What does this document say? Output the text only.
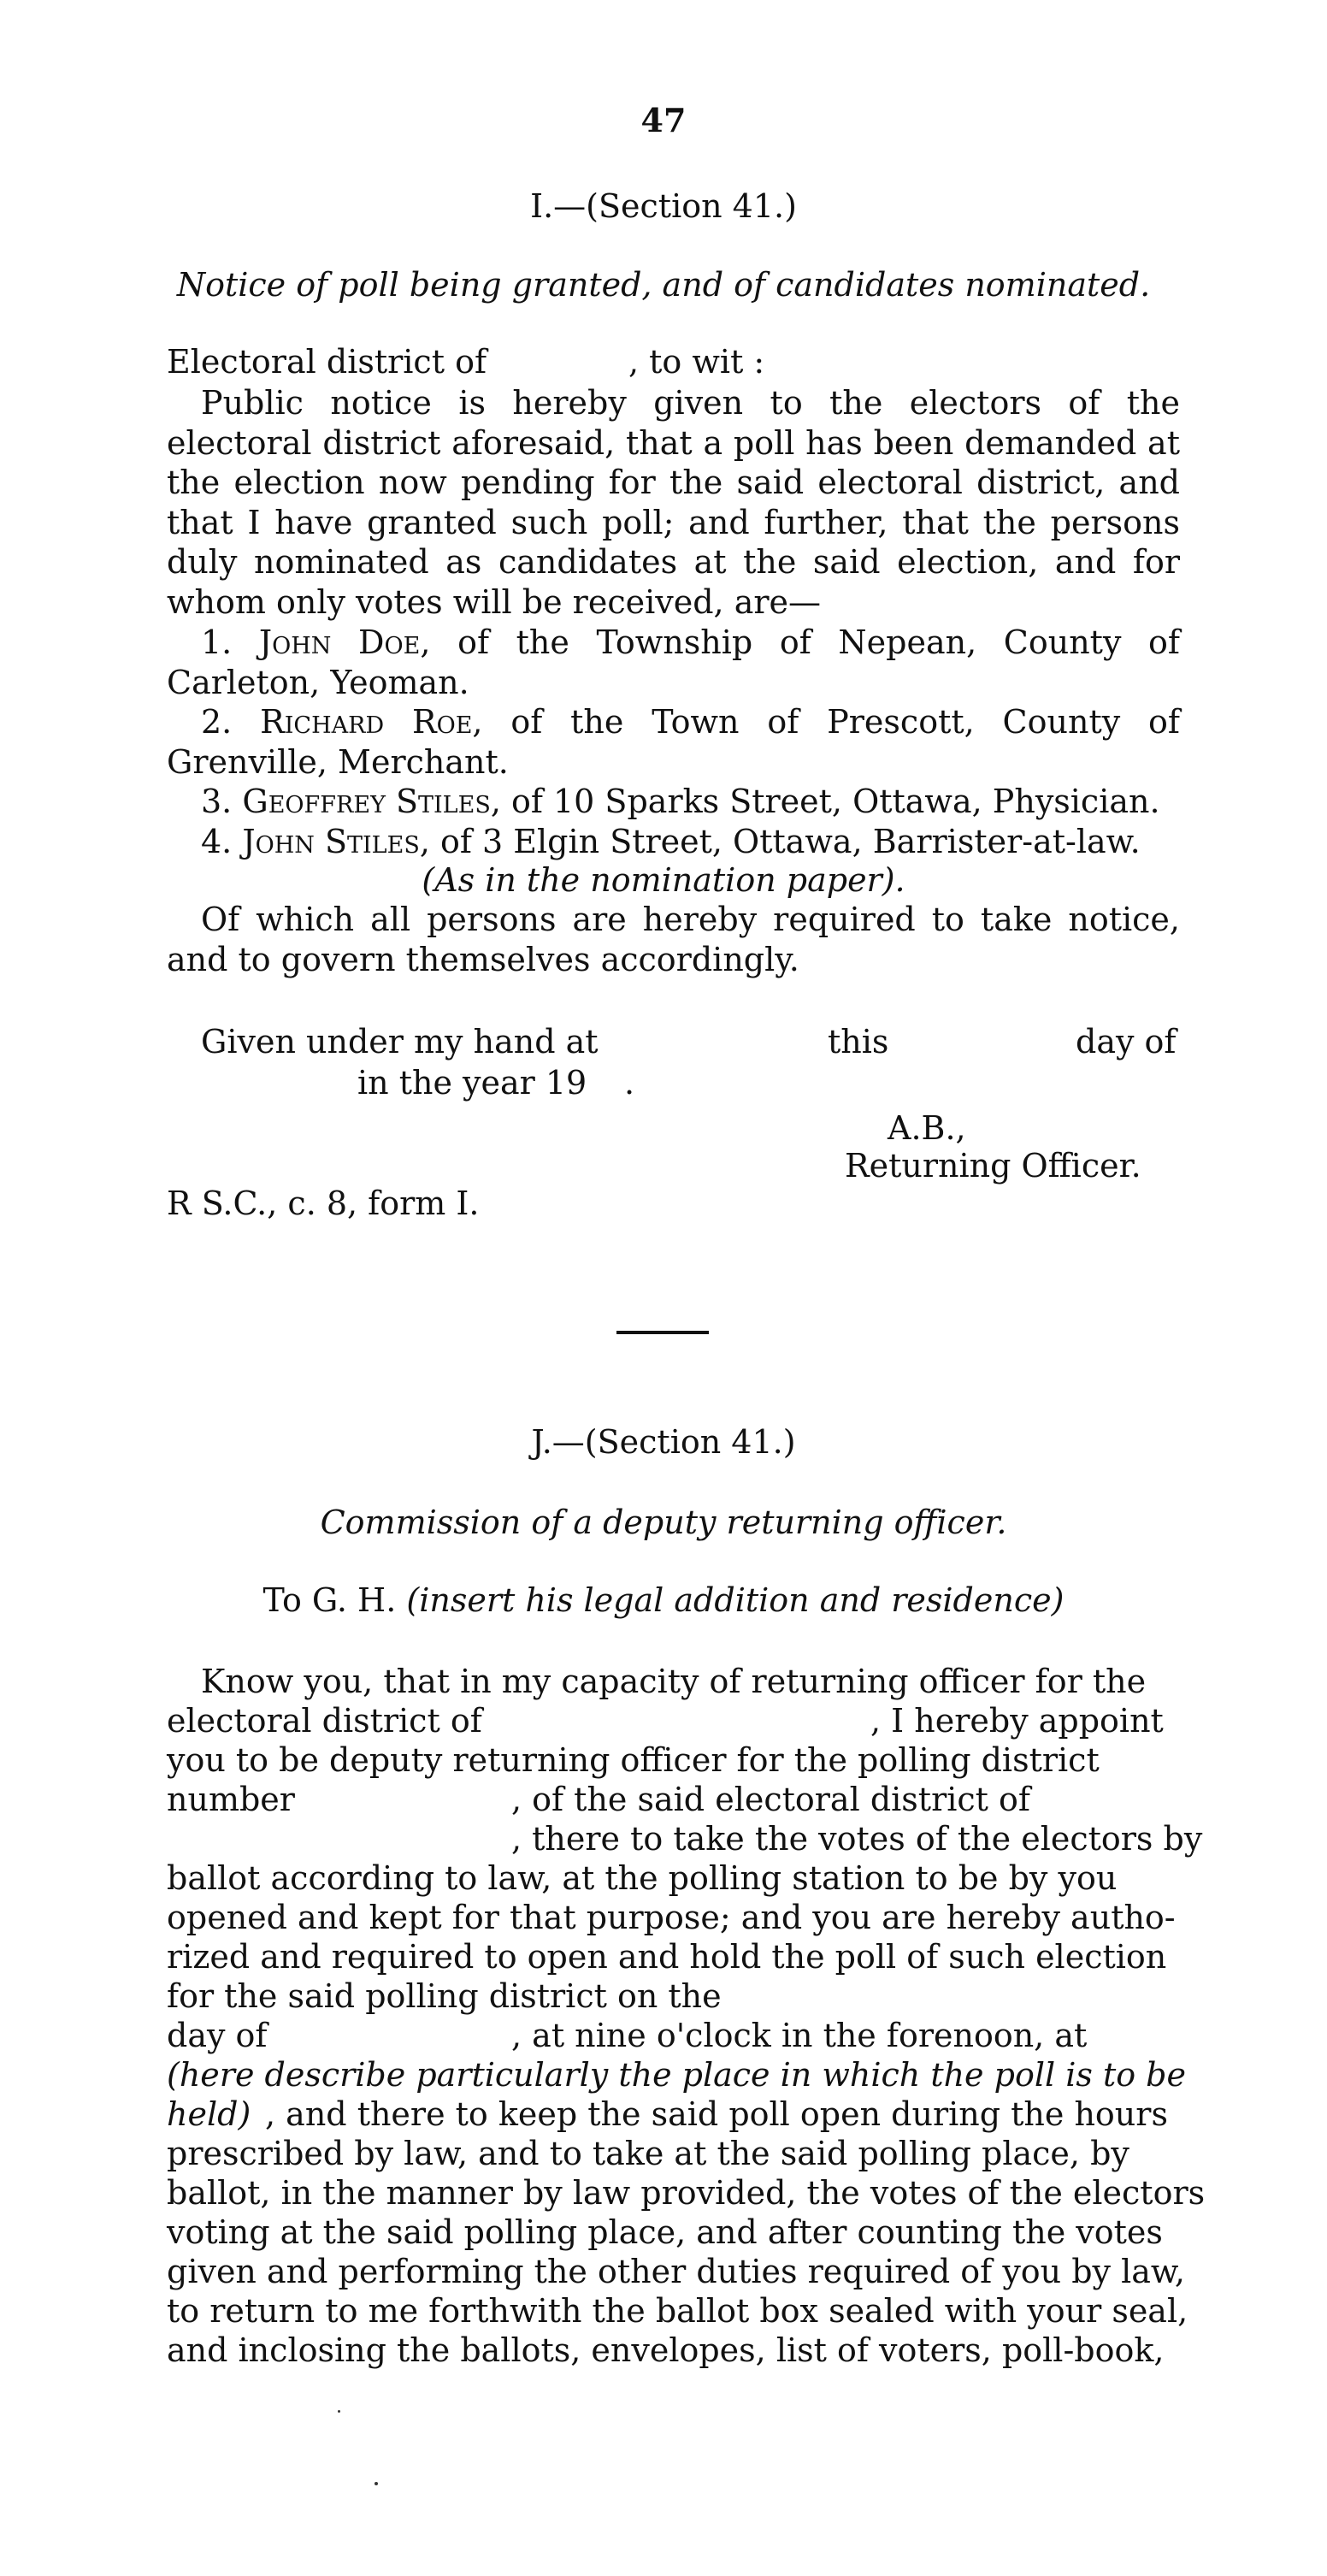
47
I.—(Section 41.)
Notice of poll being granted, and of candidates nominated.
Electoral district of	, to wit :

Public notice is hereby given to the electors of the electoral district aforesaid, that a poll has been demanded at the election now pending for the said electoral district, and that I have granted such poll; and further, that the persons duly nominated as candidates at the said election, and for whom only votes will be received, are—

1. John Doe, of the Township of Nepean, County of Carleton, Yeoman.

2. Richard Roe, of the Town of Prescott, County of Grenville, Merchant.

3. Geoffrey Stiles, of 10 Sparks Street, Ottawa, Physician.

4. John Stiles, of 3 Elgin Street, Ottawa, Barrister-at-law.

(As in the nomination paper).

Of which all persons are hereby required to take notice, and to govern themselves accordingly.

Given under my hand at	this	day of
in the year 19 .
A.B.,
Returning Officer.
R S.C., c. 8, form I.
J.—(Section 41.)
Commission of a deputy returning officer.
To G. H. (insert his legal addition and residence)
Know you, that in my capacity of returning officer for the
electoral district of	, I hereby appoint
you to be deputy returning officer for the polling district
number	, of the said electoral district of
, there to take the votes of the electors by
ballot according to law, at the polling station to be by you
opened and kept for that purpose; and you are hereby autho-
rized and required to open and hold the poll of such election
for the said polling district on the
day of	, at nine o'clock in the forenoon, at
(here describe particularly the place in which the poll is to be
held) , and there to keep the said poll open during the hours
prescribed by law, and to take at the said polling place, by
ballot, in the manner by law provided, the votes of the electors
voting at the said polling place, and after counting the votes
given and performing the other duties required of you by law,
to return to me forthwith the ballot box sealed with your seal,
and inclosing the ballots, envelopes, list of voters, poll-book,
